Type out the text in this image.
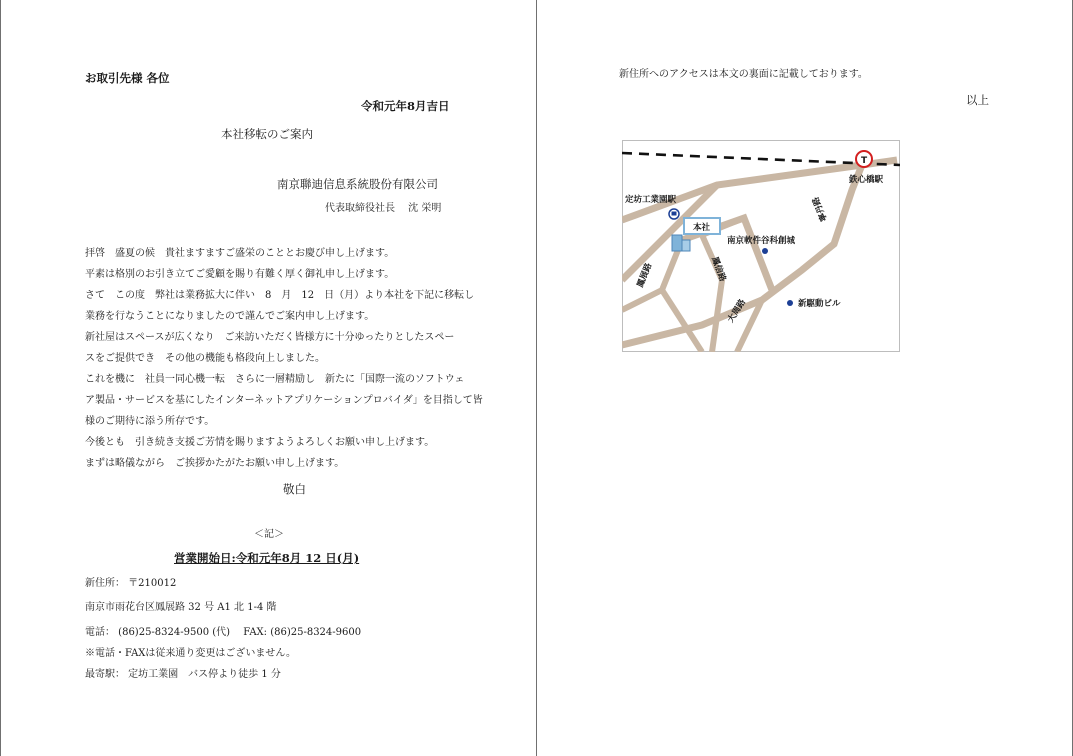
お取引先様 各位
令和元年8月吉日
本社移転のご案内
南京聯迪信息系統股份有限公司
代表取締役社長　 沈 栄明
拝啓　盛夏の候　貴社ますますご盛栄のこととお慶び申し上げます。
平素は格別のお引き立てご愛顧を賜り有難く厚く御礼申し上げます。
さて　この度　弊社は業務拡大に伴い　8　月　12　日（月）より本社を下記に移転し
業務を行なうことになりましたので謹んでご案内申し上げます。
新社屋はスペースが広くなり　ご来訪いただく皆様方に十分ゆったりとしたスペー
スをご提供でき　その他の機能も格段向上しました。
これを機に　社員一同心機一転　さらに一層精励し　新たに「国際一流のソフトウェ
ア製品・サービスを基にしたインターネットアプリケーションプロバイダ」を目指して皆
様のご期待に添う所存です。
今後とも　引き続き支援ご芳情を賜りますようよろしくお願い申し上げます。
まずは略儀ながら　ご挨拶かたがたお願い申し上げます。
敬白
＜記＞
営業開始日:令和元年8月 12 日(月)
新住所： 〒210012
南京市雨花台区鳳展路 32 号 A1 北 1-4 階
電話： (86)25-8324-9500 (代)　 FAX: (86)25-8324-9600
※電話・FAXは従来通り変更はございません。
最寄駅： 定坊工業園　バス停より徒歩 1 分
新住所へのアクセスは本文の裏面に記載しております。
以上
T
本社
鉄心橋駅
定坊工業園駅
南京軟件谷科創城
新駆動ビル
鳳展路	鳳信路
寧丹路
大周路
